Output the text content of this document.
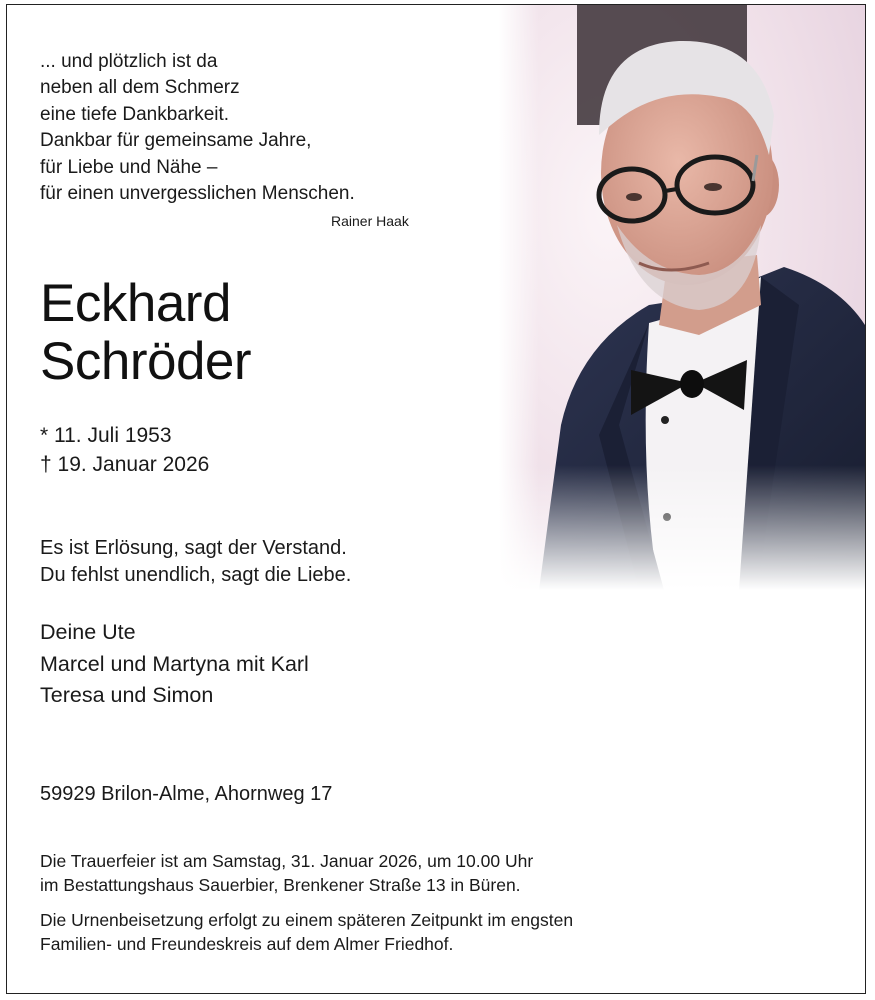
... und plötzlich ist da
neben all dem Schmerz
eine tiefe Dankbarkeit.
Dankbar für gemeinsame Jahre,
für Liebe und Nähe –
für einen unvergesslichen Menschen.
Rainer Haak
Eckhard
Schröder
* 11. Juli 1953
† 19. Januar 2026
Es ist Erlösung, sagt der Verstand.
Du fehlst unendlich, sagt die Liebe.
Deine Ute
Marcel und Martyna mit Karl
Teresa und Simon
59929 Brilon-Alme, Ahornweg 17
Die Trauerfeier ist am Samstag, 31. Januar 2026, um 10.00 Uhr
im Bestattungshaus Sauerbier, Brenkener Straße 13 in Büren.
Die Urnenbeisetzung erfolgt zu einem späteren Zeitpunkt im engsten
Familien- und Freundeskreis auf dem Almer Friedhof.
